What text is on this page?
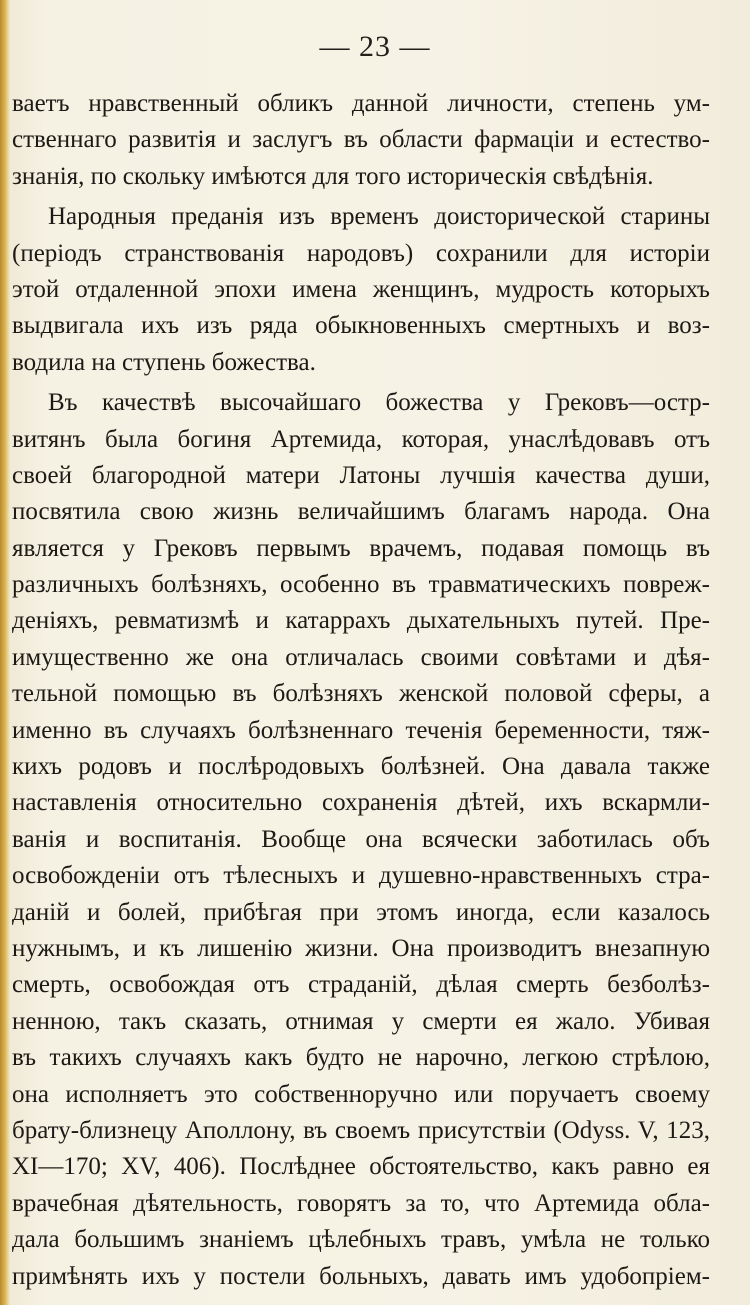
— 23 —
ваетъ нравственный обликъ данной личности, степень ум-
ственнаго развитія и заслугъ въ области фармаціи и естество-
знанія, по скольку имѣются для того историческія свѣдѣнія.
Народныя преданія изъ временъ доисторической старины
(періодъ странствованія народовъ) сохранили для исторіи
этой отдаленной эпохи имена женщинъ, мудрость которыхъ
выдвигала ихъ изъ ряда обыкновенныхъ смертныхъ и воз-
водила на ступень божества.
Въ качествѣ высочайшаго божества у Грековъ—остр-
витянъ была богиня Артемида, которая, унаслѣдовавъ отъ
своей благородной матери Латоны лучшія качества души,
посвятила свою жизнь величайшимъ благамъ народа. Она
является у Грековъ первымъ врачемъ, подавая помощь въ
различныхъ болѣзняхъ, особенно въ травматическихъ повреж-
деніяхъ, ревматизмѣ и катаррахъ дыхательныхъ путей. Пре-
имущественно же она отличалась своими совѣтами и дѣя-
тельной помощью въ болѣзняхъ женской половой сферы, а
именно въ случаяхъ болѣзненнаго теченія беременности, тяж-
кихъ родовъ и послѣродовыхъ болѣзней. Она давала также
наставленія относительно сохраненія дѣтей, ихъ вскармли-
ванія и воспитанія. Вообще она всячески заботилась объ
освобожденіи отъ тѣлесныхъ и душевно-нравственныхъ стра-
даній и болей, прибѣгая при этомъ иногда, если казалось
нужнымъ, и къ лишенію жизни. Она производитъ внезапную
смерть, освобождая отъ страданій, дѣлая смерть безболѣз-
ненною, такъ сказать, отнимая у смерти ея жало. Убивая
въ такихъ случаяхъ какъ будто не нарочно, легкою стрѣлою,
она исполняетъ это собственноручно или поручаетъ своему
брату-близнецу Аполлону, въ своемъ присутствіи (Odyss. V, 123,
XI—170; XV, 406). Послѣднее обстоятельство, какъ равно ея
врачебная дѣятельность, говорятъ за то, что Артемида обла-
дала большимъ знаніемъ цѣлебныхъ травъ, умѣла не только
примѣнять ихъ у постели больныхъ, давать имъ удобопріем-
